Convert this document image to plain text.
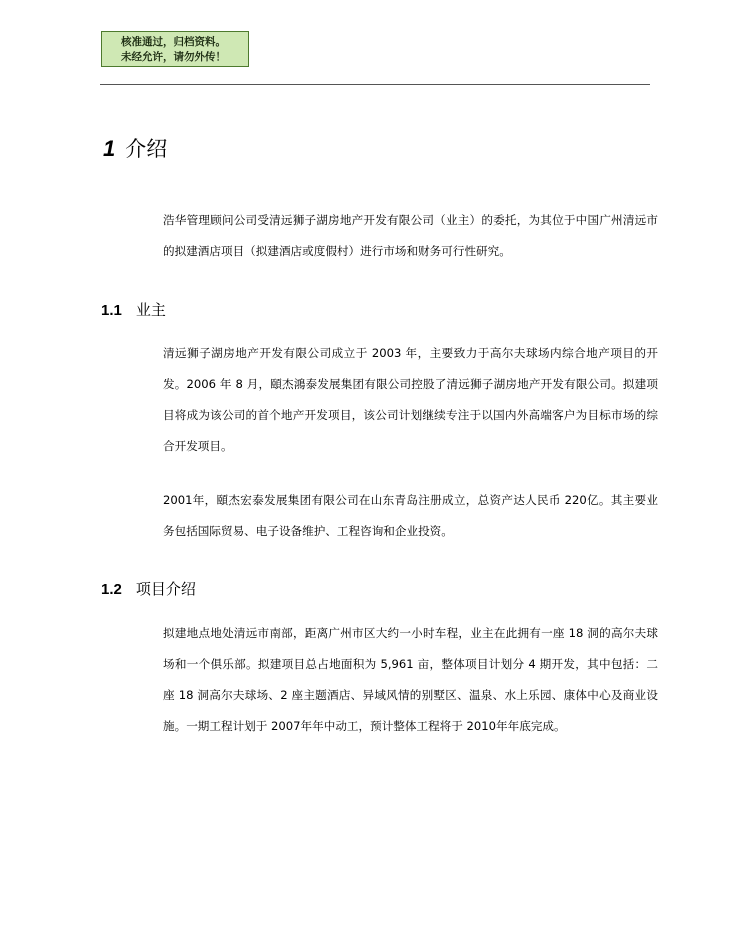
核准通过，归档资料。
未经允许，请勿外传！
1 介绍
浩华管理顾问公司受清远狮子湖房地产开发有限公司（业主）的委托，为其位于中国广州清远市的拟建酒店项目（拟建酒店或度假村）进行市场和财务可行性研究。
1.1 业主
清远狮子湖房地产开发有限公司成立于 2003 年，主要致力于高尔夫球场内综合地产项目的开发。2006 年 8 月，頤杰鴻泰发展集团有限公司控股了清远狮子湖房地产开发有限公司。拟建项目将成为该公司的首个地产开发项目，该公司计划继续专注于以国内外高端客户为目标市场的综合开发项目。
2001年，頤杰宏泰发展集团有限公司在山东青岛注册成立，总资产达人民币 220亿。其主要业务包括国际贸易、电子设备维护、工程咨询和企业投资。
1.2 项目介绍
拟建地点地处清远市南部，距离广州市区大约一小时车程，业主在此拥有一座 18 洞的高尔夫球场和一个俱乐部。拟建项目总占地面积为 5,961 亩，整体项目计划分 4 期开发，其中包括：二座 18 洞高尔夫球场、2 座主题酒店、异域风情的别墅区、温泉、水上乐园、康体中心及商业设施。一期工程计划于 2007年年中动工，预计整体工程将于 2010年年底完成。
